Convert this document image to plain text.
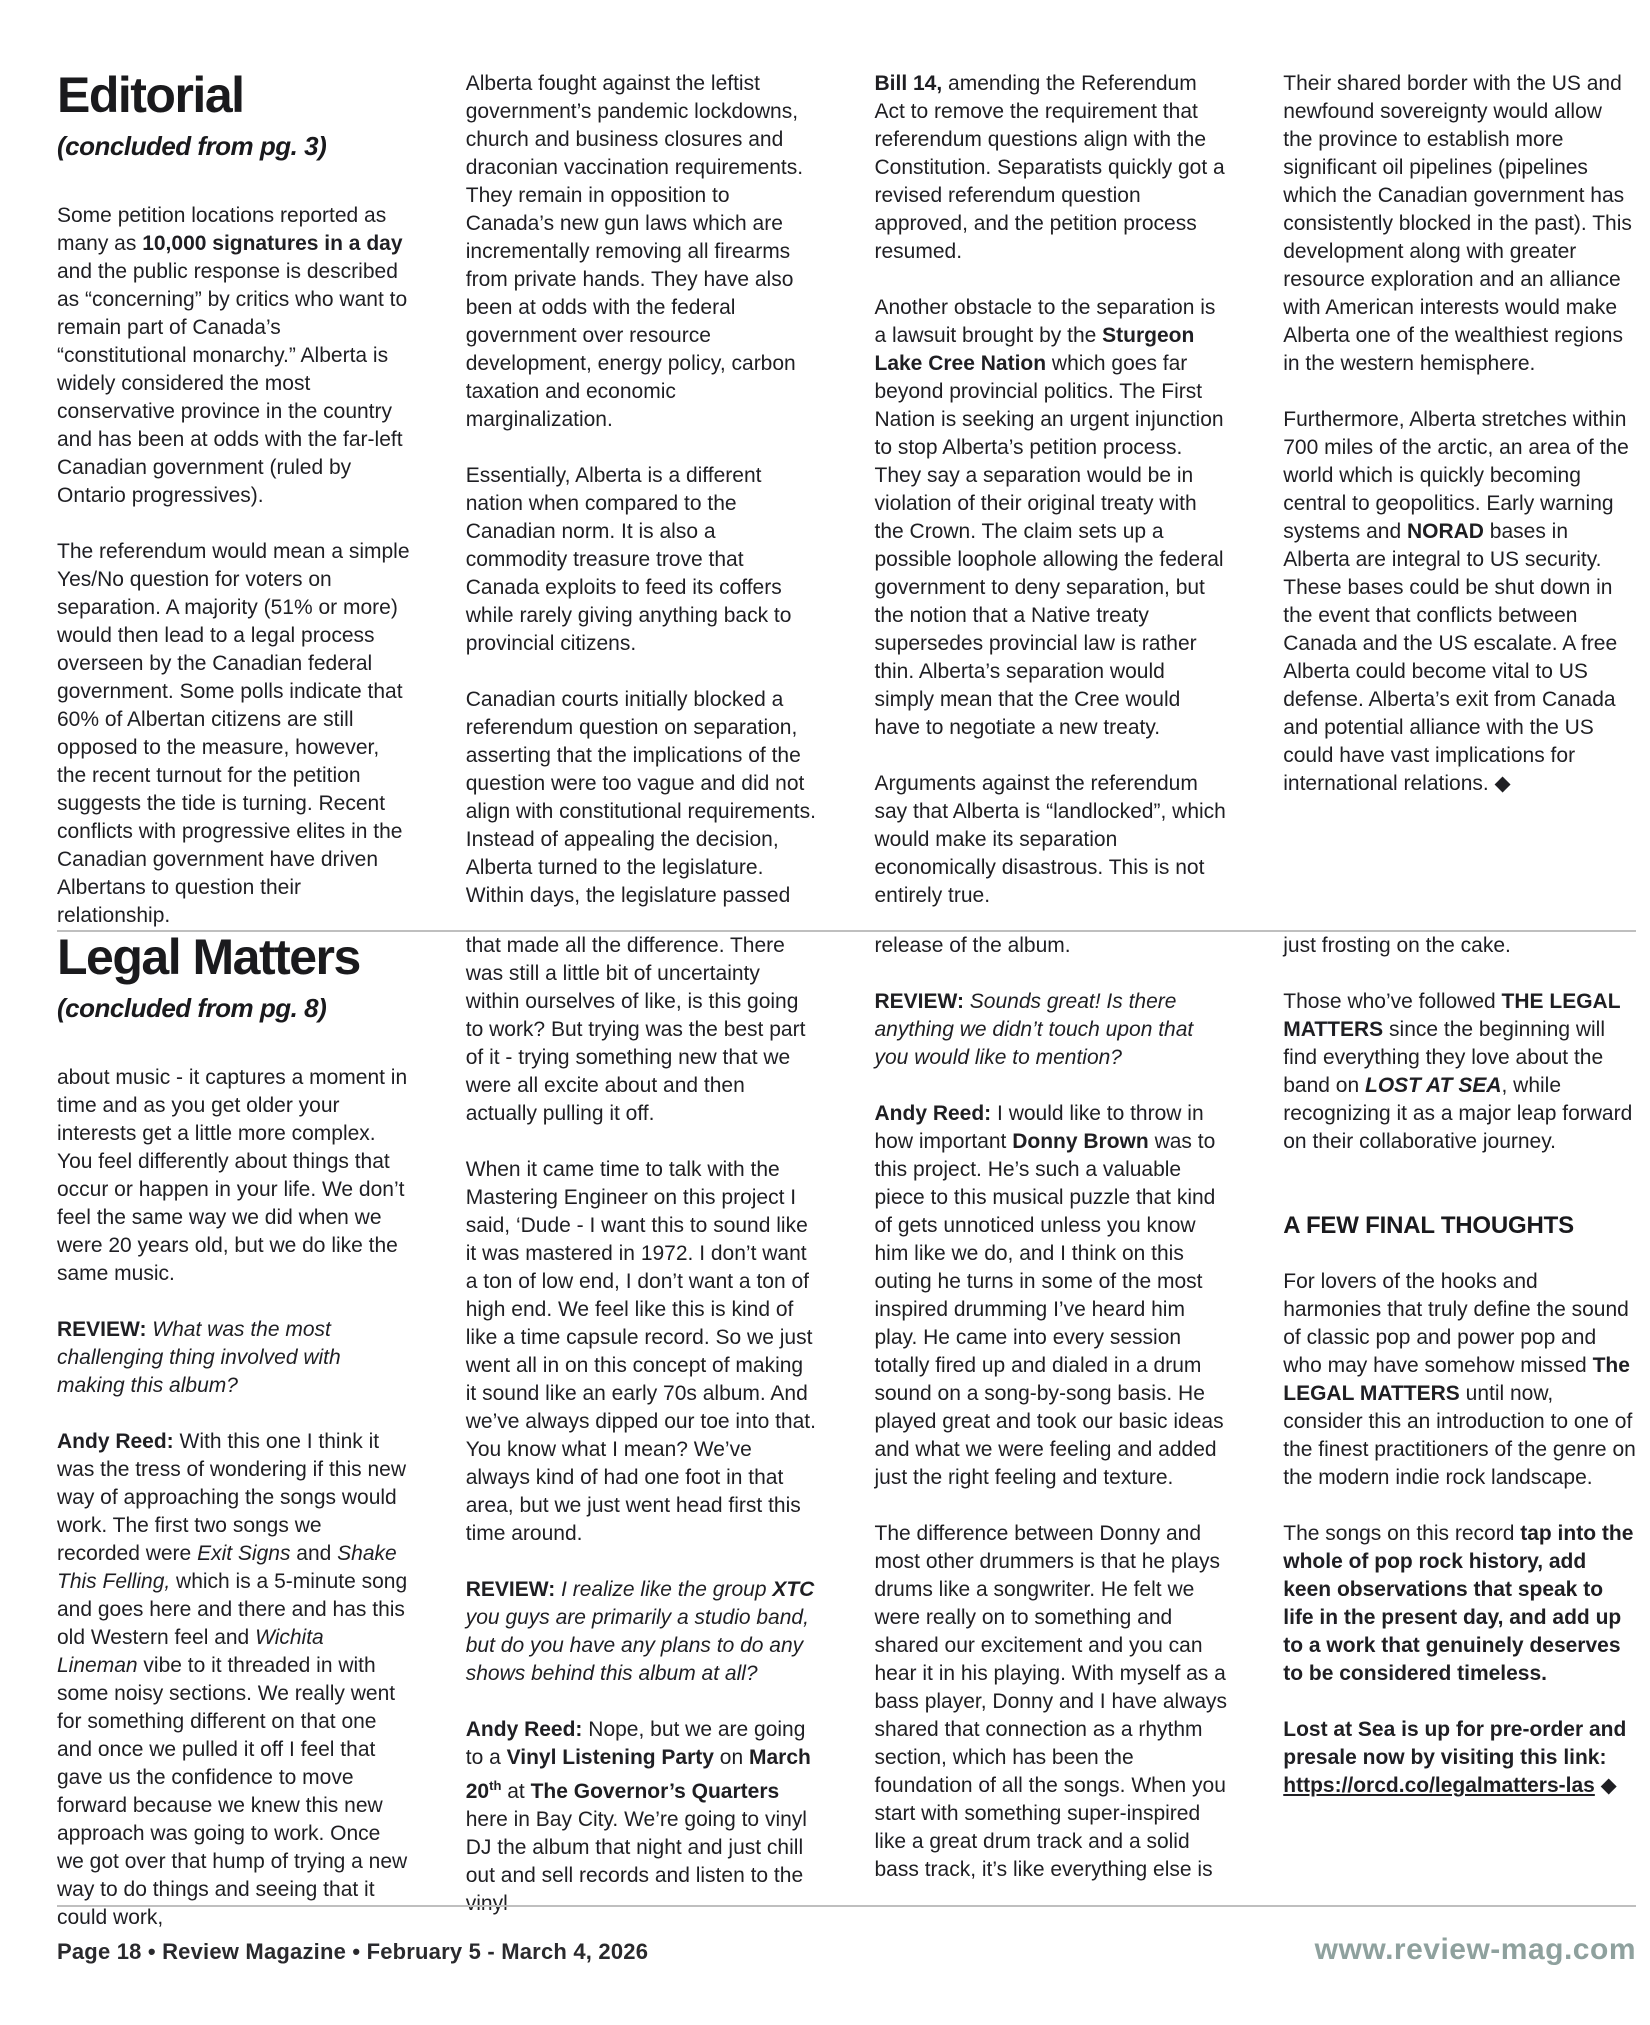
Editorial
(concluded from pg. 3)

Some petition locations reported as many as 10,000 signatures in a day and the public response is described as “concerning” by critics who want to remain part of Canada’s “constitutional monarchy.” Alberta is widely considered the most conservative province in the country and has been at odds with the far-left Canadian government (ruled by Ontario progressives).

The referendum would mean a simple Yes/No question for voters on separation. A majority (51% or more) would then lead to a legal process overseen by the Canadian federal government. Some polls indicate that 60% of Albertan citizens are still opposed to the measure, however, the recent turnout for the petition suggests the tide is turning. Recent conflicts with progressive elites in the Canadian government have driven Albertans to question their relationship.

Alberta fought against the leftist government’s pandemic lockdowns, church and business closures and draconian vaccination requirements. They remain in opposition to Canada’s new gun laws which are incrementally removing all firearms from private hands. They have also been at odds with the federal government over resource development, energy policy, carbon taxation and economic marginalization.

Essentially, Alberta is a different nation when compared to the Canadian norm. It is also a commodity treasure trove that Canada exploits to feed its coffers while rarely giving anything back to provincial citizens.

Canadian courts initially blocked a referendum question on separation, asserting that the implications of the question were too vague and did not align with constitutional requirements. Instead of appealing the decision, Alberta turned to the legislature. Within days, the legislature passed

Bill 14, amending the Referendum Act to remove the requirement that referendum questions align with the Constitution. Separatists quickly got a revised referendum question approved, and the petition process resumed.

Another obstacle to the separation is a lawsuit brought by the Sturgeon Lake Cree Nation which goes far beyond provincial politics. The First Nation is seeking an urgent injunction to stop Alberta’s petition process. They say a separation would be in violation of their original treaty with the Crown. The claim sets up a possible loophole allowing the federal government to deny separation, but the notion that a Native treaty supersedes provincial law is rather thin. Alberta’s separation would simply mean that the Cree would have to negotiate a new treaty.

Arguments against the referendum say that Alberta is “landlocked”, which would make its separation economically disastrous. This is not entirely true.

Their shared border with the US and newfound sovereignty would allow the province to establish more significant oil pipelines (pipelines which the Canadian government has consistently blocked in the past). This development along with greater resource exploration and an alliance with American interests would make Alberta one of the wealthiest regions in the western hemisphere.

Furthermore, Alberta stretches within 700 miles of the arctic, an area of the world which is quickly becoming central to geopolitics. Early warning systems and NORAD bases in Alberta are integral to US security. These bases could be shut down in the event that conflicts between Canada and the US escalate. A free Alberta could become vital to US defense. Alberta’s exit from Canada and potential alliance with the US could have vast implications for international relations. ◆

Legal Matters
(concluded from pg. 8)

about music - it captures a moment in time and as you get older your interests get a little more complex. You feel differently about things that occur or happen in your life. We don’t feel the same way we did when we were 20 years old, but we do like the same music.

REVIEW: What was the most challenging thing involved with making this album?

Andy Reed: With this one I think it was the tress of wondering if this new way of approaching the songs would work. The first two songs we recorded were Exit Signs and Shake This Felling, which is a 5-minute song and goes here and there and has this old Western feel and Wichita Lineman vibe to it threaded in with some noisy sections. We really went for something different on that one and once we pulled it off I feel that gave us the confidence to move forward because we knew this new approach was going to work. Once we got over that hump of trying a new way to do things and seeing that it could work,

that made all the difference. There was still a little bit of uncertainty within ourselves of like, is this going to work? But trying was the best part of it - trying something new that we were all excite about and then actually pulling it off.

When it came time to talk with the Mastering Engineer on this project I said, ‘Dude - I want this to sound like it was mastered in 1972. I don’t want a ton of low end, I don’t want a ton of high end. We feel like this is kind of like a time capsule record. So we just went all in on this concept of making it sound like an early 70s album. And we’ve always dipped our toe into that. You know what I mean? We’ve always kind of had one foot in that area, but we just went head first this time around.

REVIEW: I realize like the group XTC you guys are primarily a studio band, but do you have any plans to do any shows behind this album at all?

Andy Reed: Nope, but we are going to a Vinyl Listening Party on March 20th at The Governor’s Quarters here in Bay City. We’re going to vinyl DJ the album that night and just chill out and sell records and listen to the vinyl

release of the album.

REVIEW: Sounds great! Is there anything we didn’t touch upon that you would like to mention?

Andy Reed: I would like to throw in how important Donny Brown was to this project. He’s such a valuable piece to this musical puzzle that kind of gets unnoticed unless you know him like we do, and I think on this outing he turns in some of the most inspired drumming I’ve heard him play. He came into every session totally fired up and dialed in a drum sound on a song-by-song basis. He played great and took our basic ideas and what we were feeling and added just the right feeling and texture.

The difference between Donny and most other drummers is that he plays drums like a songwriter. He felt we were really on to something and shared our excitement and you can hear it in his playing. With myself as a bass player, Donny and I have always shared that connection as a rhythm section, which has been the foundation of all the songs. When you start with something super-inspired like a great drum track and a solid bass track, it’s like everything else is

just frosting on the cake.

Those who’ve followed THE LEGAL MATTERS since the beginning will find everything they love about the band on LOST AT SEA, while recognizing it as a major leap forward on their collaborative journey.

A FEW FINAL THOUGHTS

For lovers of the hooks and harmonies that truly define the sound of classic pop and power pop and who may have somehow missed The LEGAL MATTERS until now, consider this an introduction to one of the finest practitioners of the genre on the modern indie rock landscape.

The songs on this record tap into the whole of pop rock history, add keen observations that speak to life in the present day, and add up to a work that genuinely deserves to be considered timeless.

Lost at Sea is up for pre-order and presale now by visiting this link: https://orcd.co/legalmatters-las ◆

Page 18 • Review Magazine • February 5 - March 4, 2026	www.review-mag.com
